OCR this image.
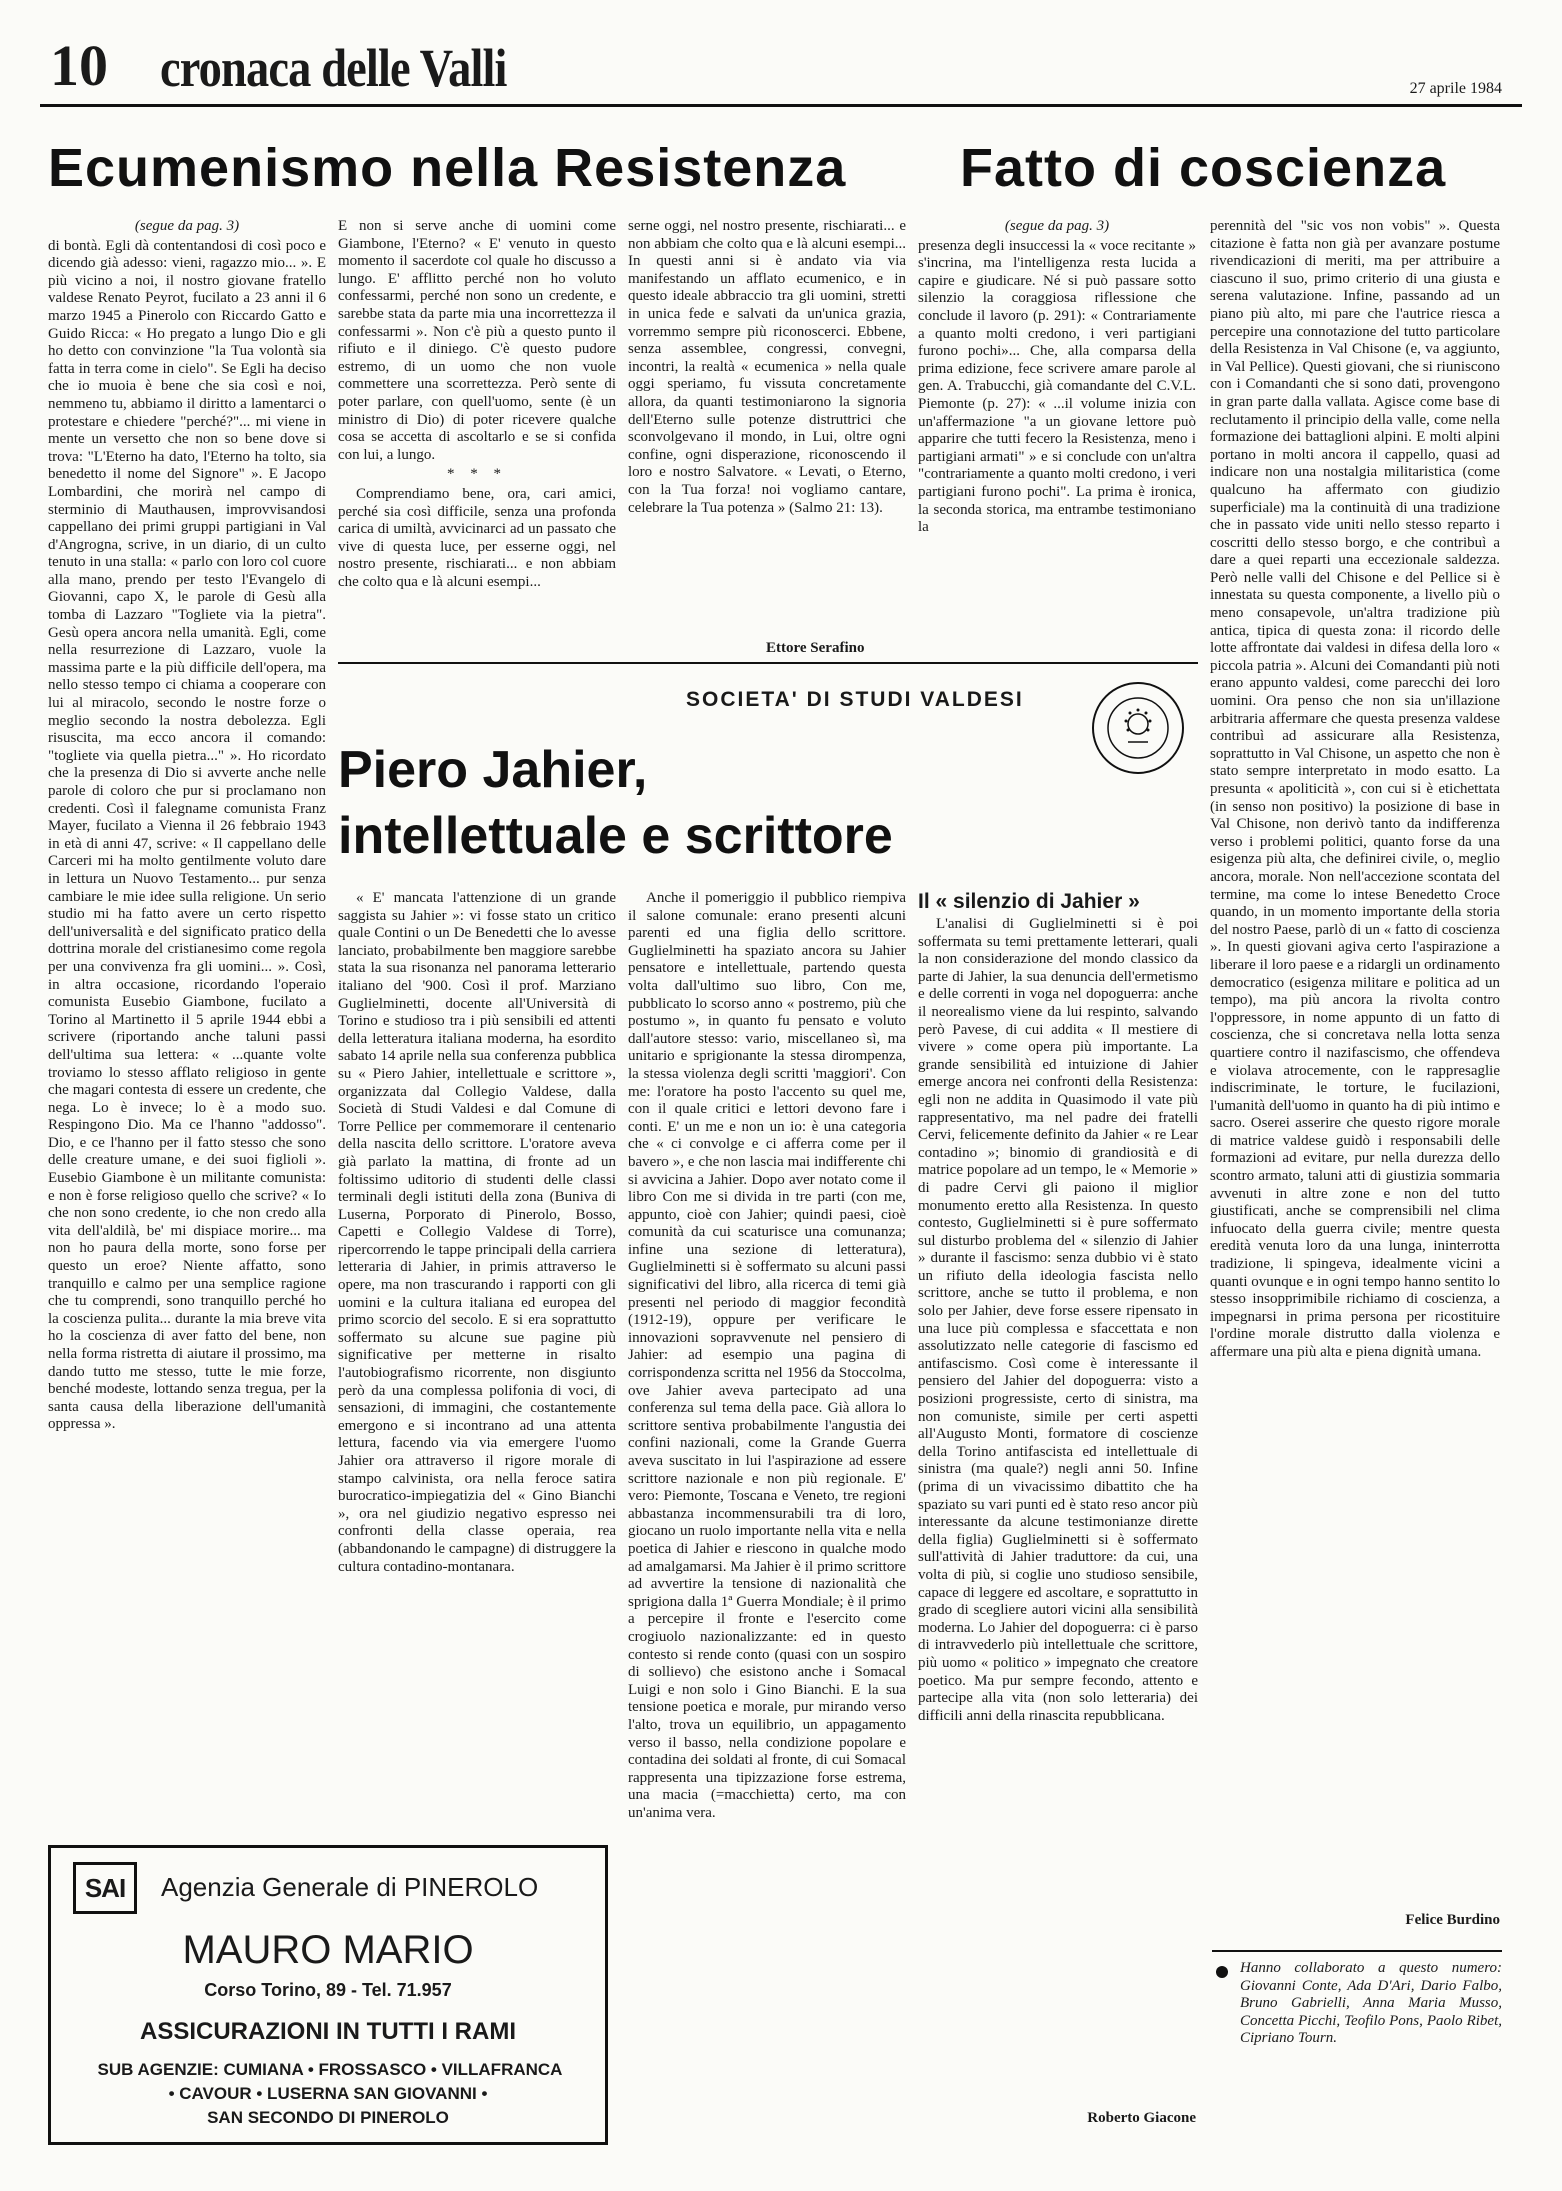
10 cronaca delle Valli	27 aprile 1984
Ecumenismo nella Resistenza Fatto di coscienza

(segue da pag. 3)

di bontà. Egli dà contentandosi di così poco e dicendo già adesso: vieni, ragazzo mio... ». E più vicino a noi, il nostro giovane fratello valdese Renato Peyrot, fucilato a 23 anni il 6 marzo 1945 a Pinerolo con Riccardo Gatto e Guido Ricca: « Ho pregato a lungo Dio e gli ho detto con convinzione "la Tua volontà sia fatta in terra come in cielo". Se Egli ha deciso che io muoia è bene che sia così e noi, nemmeno tu, abbiamo il diritto a lamentarci o protestare e chiedere "perché?"... mi viene in mente un versetto che non so bene dove si trova: "L'Eterno ha dato, l'Eterno ha tolto, sia benedetto il nome del Signore" ». E Jacopo Lombardini, che morirà nel campo di sterminio di Mauthausen, improvvisandosi cappellano dei primi gruppi partigiani in Val d'Angrogna, scrive, in un diario, di un culto tenuto in una stalla: « parlo con loro col cuore alla mano, prendo per testo l'Evangelo di Giovanni, capo X, le parole di Gesù alla tomba di Lazzaro "Togliete via la pietra". Gesù opera ancora nella umanità. Egli, come nella resurrezione di Lazzaro, vuole la massima parte e la più difficile dell'opera, ma nello stesso tempo ci chiama a cooperare con lui al miracolo, secondo le nostre forze o meglio secondo la nostra debolezza. Egli risuscita, ma ecco ancora il comando: "togliete via quella pietra..." ». Ho ricordato che la presenza di Dio si avverte anche nelle parole di coloro che pur si proclamano non credenti. Così il falegname comunista Franz Mayer, fucilato a Vienna il 26 febbraio 1943 in età di anni 47, scrive: « Il cappellano delle Carceri mi ha molto gentilmente voluto dare in lettura un Nuovo Testamento... pur senza cambiare le mie idee sulla religione. Un serio studio mi ha fatto avere un certo rispetto dell'universalità e del significato pratico della dottrina morale del cristianesimo come regola per una convivenza fra gli uomini... ». Così, in altra occasione, ricordando l'operaio comunista Eusebio Giambone, fucilato a Torino al Martinetto il 5 aprile 1944 ebbi a scrivere (riportando anche taluni passi dell'ultima sua lettera: « ...quante volte troviamo lo stesso afflato religioso in gente che magari contesta di essere un credente, che nega. Lo è invece; lo è a modo suo. Respingono Dio. Ma ce l'hanno "addosso". Dio, e ce l'hanno per il fatto stesso che sono delle creature umane, e dei suoi figlioli ». Eusebio Giambone è un militante comunista: e non è forse religioso quello che scrive? « Io che non sono credente, io che non credo alla vita dell'aldilà, be' mi dispiace morire... ma non ho paura della morte, sono forse per questo un eroe? Niente affatto, sono tranquillo e calmo per una semplice ragione che tu comprendi, sono tranquillo perché ho la coscienza pulita... durante la mia breve vita ho la coscienza di aver fatto del bene, non nella forma ristretta di aiutare il prossimo, ma dando tutto me stesso, tutte le mie forze, benché modeste, lottando senza tregua, per la santa causa della liberazione dell'umanità oppressa ».

E non si serve anche di uomini come Giambone, l'Eterno? « E' venuto in questo momento il sacerdote col quale ho discusso a lungo. E' afflitto perché non ho voluto confessarmi, perché non sono un credente, e sarebbe stata da parte mia una incorrettezza il confessarmi ». Non c'è più a questo punto il rifiuto e il diniego. C'è questo pudore estremo, di un uomo che non vuole commettere una scorrettezza. Però sente di poter parlare, con quell'uomo, sente (è un ministro di Dio) di poter ricevere qualche cosa se accetta di ascoltarlo e se si confida con lui, a lungo.

* * *

Comprendiamo bene, ora, cari amici, perché sia così difficile, senza una profonda carica di umiltà, avvicinarci ad un passato che vive di questa luce, per esserne oggi, nel nostro presente, rischiarati... e non abbiam che colto qua e là alcuni esempi...

serne oggi, nel nostro presente, rischiarati... e non abbiam che colto qua e là alcuni esempi... In questi anni si è andato via via manifestando un afflato ecumenico, e in questo ideale abbraccio tra gli uomini, stretti in unica fede e salvati da un'unica grazia, vorremmo sempre più riconoscerci. Ebbene, senza assemblee, congressi, convegni, incontri, la realtà « ecumenica » nella quale oggi speriamo, fu vissuta concretamente allora, da quanti testimoniarono la signoria dell'Eterno sulle potenze distruttrici che sconvolgevano il mondo, in Lui, oltre ogni confine, ogni disperazione, riconoscendo il loro e nostro Salvatore. « Levati, o Eterno, con la Tua forza! noi vogliamo cantare, celebrare la Tua potenza » (Salmo 21: 13).

Ettore Serafino

(segue da pag. 3)

presenza degli insuccessi la « voce recitante » s'incrina, ma l'intelligenza resta lucida a capire e giudicare. Né si può passare sotto silenzio la coraggiosa riflessione che conclude il lavoro (p. 291): « Contrariamente a quanto molti credono, i veri partigiani furono pochi»... Che, alla comparsa della prima edizione, fece scrivere amare parole al gen. A. Trabucchi, già comandante del C.V.L. Piemonte (p. 27): « ...il volume inizia con un'affermazione "a un giovane lettore può apparire che tutti fecero la Resistenza, meno i partigiani armati" » e si conclude con un'altra "contrariamente a quanto molti credono, i veri partigiani furono pochi". La prima è ironica, la seconda storica, ma entrambe testimoniano la

perennità del "sic vos non vobis" ». Questa citazione è fatta non già per avanzare postume rivendicazioni di meriti, ma per attribuire a ciascuno il suo, primo criterio di una giusta e serena valutazione. Infine, passando ad un piano più alto, mi pare che l'autrice riesca a percepire una connotazione del tutto particolare della Resistenza in Val Chisone (e, va aggiunto, in Val Pellice). Questi giovani, che si riuniscono con i Comandanti che si sono dati, provengono in gran parte dalla vallata. Agisce come base di reclutamento il principio della valle, come nella formazione dei battaglioni alpini. E molti alpini portano in molti ancora il cappello, quasi ad indicare non una nostalgia militaristica (come qualcuno ha affermato con giudizio superficiale) ma la continuità di una tradizione che in passato vide uniti nello stesso reparto i coscritti dello stesso borgo, e che contribuì a dare a quei reparti una eccezionale saldezza. Però nelle valli del Chisone e del Pellice si è innestata su questa componente, a livello più o meno consapevole, un'altra tradizione più antica, tipica di questa zona: il ricordo delle lotte affrontate dai valdesi in difesa della loro « piccola patria ». Alcuni dei Comandanti più noti erano appunto valdesi, come parecchi dei loro uomini. Ora penso che non sia un'illazione arbitraria affermare che questa presenza valdese contribuì ad assicurare alla Resistenza, soprattutto in Val Chisone, un aspetto che non è stato sempre interpretato in modo esatto. La presunta « apoliticità », con cui si è etichettata (in senso non positivo) la posizione di base in Val Chisone, non derivò tanto da indifferenza verso i problemi politici, quanto forse da una esigenza più alta, che definirei civile, o, meglio ancora, morale. Non nell'accezione scontata del termine, ma come lo intese Benedetto Croce quando, in un momento importante della storia del nostro Paese, parlò di un « fatto di coscienza ». In questi giovani agiva certo l'aspirazione a liberare il loro paese e a ridargli un ordinamento democratico (esigenza militare e politica ad un tempo), ma più ancora la rivolta contro l'oppressore, in nome appunto di un fatto di coscienza, che si concretava nella lotta senza quartiere contro il nazifascismo, che offendeva e violava atrocemente, con le rappresaglie indiscriminate, le torture, le fucilazioni, l'umanità dell'uomo in quanto ha di più intimo e sacro. Oserei asserire che questo rigore morale di matrice valdese guidò i responsabili delle formazioni ad evitare, pur nella durezza dello scontro armato, taluni atti di giustizia sommaria avvenuti in altre zone e non del tutto giustificati, anche se comprensibili nel clima infuocato della guerra civile; mentre questa eredità venuta loro da una lunga, ininterrotta tradizione, li spingeva, idealmente vicini a quanti ovunque e in ogni tempo hanno sentito lo stesso insopprimibile richiamo di coscienza, a impegnarsi in prima persona per ricostituire l'ordine morale distrutto dalla violenza e affermare una più alta e piena dignità umana.

Felice Burdino
SOCIETA' DI STUDI VALDESI
Piero Jahier,
intellettuale e scrittore

« E' mancata l'attenzione di un grande saggista su Jahier »: vi fosse stato un critico quale Contini o un De Benedetti che lo avesse lanciato, probabilmente ben maggiore sarebbe stata la sua risonanza nel panorama letterario italiano del '900. Così il prof. Marziano Guglielminetti, docente all'Università di Torino e studioso tra i più sensibili ed attenti della letteratura italiana moderna, ha esordito sabato 14 aprile nella sua conferenza pubblica su « Piero Jahier, intellettuale e scrittore », organizzata dal Collegio Valdese, dalla Società di Studi Valdesi e dal Comune di Torre Pellice per commemorare il centenario della nascita dello scrittore. L'oratore aveva già parlato la mattina, di fronte ad un foltissimo uditorio di studenti delle classi terminali degli istituti della zona (Buniva di Luserna, Porporato di Pinerolo, Bosso, Capetti e Collegio Valdese di Torre), ripercorrendo le tappe principali della carriera letteraria di Jahier, in primis attraverso le opere, ma non trascurando i rapporti con gli uomini e la cultura italiana ed europea del primo scorcio del secolo. E si era soprattutto soffermato su alcune sue pagine più significative per metterne in risalto l'autobiografismo ricorrente, non disgiunto però da una complessa polifonia di voci, di sensazioni, di immagini, che costantemente emergono e si incontrano ad una attenta lettura, facendo via via emergere l'uomo Jahier ora attraverso il rigore morale di stampo calvinista, ora nella feroce satira burocratico-impiegatizia del « Gino Bianchi », ora nel giudizio negativo espresso nei confronti della classe operaia, rea (abbandonando le campagne) di distruggere la cultura contadino-montanara.

Anche il pomeriggio il pubblico riempiva il salone comunale: erano presenti alcuni parenti ed una figlia dello scrittore. Guglielminetti ha spaziato ancora su Jahier pensatore e intellettuale, partendo questa volta dall'ultimo suo libro, Con me, pubblicato lo scorso anno « postremo, più che postumo », in quanto fu pensato e voluto dall'autore stesso: vario, miscellaneo sì, ma unitario e sprigionante la stessa dirompenza, la stessa violenza degli scritti 'maggiori'. Con me: l'oratore ha posto l'accento su quel me, con il quale critici e lettori devono fare i conti. E' un me e non un io: è una categoria che « ci convolge e ci afferra come per il bavero », e che non lascia mai indifferente chi si avvicina a Jahier. Dopo aver notato come il libro Con me si divida in tre parti (con me, appunto, cioè con Jahier; quindi paesi, cioè comunità da cui scaturisce una comunanza; infine una sezione di letteratura), Guglielminetti si è soffermato su alcuni passi significativi del libro, alla ricerca di temi già presenti nel periodo di maggior fecondità (1912-19), oppure per verificare le innovazioni sopravvenute nel pensiero di Jahier: ad esempio una pagina di corrispondenza scritta nel 1956 da Stoccolma, ove Jahier aveva partecipato ad una conferenza sul tema della pace. Già allora lo scrittore sentiva probabilmente l'angustia dei confini nazionali, come la Grande Guerra aveva suscitato in lui l'aspirazione ad essere scrittore nazionale e non più regionale. E' vero: Piemonte, Toscana e Veneto, tre regioni abbastanza incommensurabili tra di loro, giocano un ruolo importante nella vita e nella poetica di Jahier e riescono in qualche modo ad amalgamarsi. Ma Jahier è il primo scrittore ad avvertire la tensione di nazionalità che sprigiona dalla 1ª Guerra Mondiale; è il primo a percepire il fronte e l'esercito come crogiuolo nazionalizzante: ed in questo contesto si rende conto (quasi con un sospiro di sollievo) che esistono anche i Somacal Luigi e non solo i Gino Bianchi. E la sua tensione poetica e morale, pur mirando verso l'alto, trova un equilibrio, un appagamento verso il basso, nella condizione popolare e contadina dei soldati al fronte, di cui Somacal rappresenta una tipizzazione forse estrema, una macia (=macchietta) certo, ma con un'anima vera.

Il « silenzio di Jahier »

L'analisi di Guglielminetti si è poi soffermata su temi prettamente letterari, quali la non considerazione del mondo classico da parte di Jahier, la sua denuncia dell'ermetismo e delle correnti in voga nel dopoguerra: anche il neorealismo viene da lui respinto, salvando però Pavese, di cui addita « Il mestiere di vivere » come opera più importante. La grande sensibilità ed intuizione di Jahier emerge ancora nei confronti della Resistenza: egli non ne addita in Quasimodo il vate più rappresentativo, ma nel padre dei fratelli Cervi, felicemente definito da Jahier « re Lear contadino »; binomio di grandiosità e di matrice popolare ad un tempo, le « Memorie » di padre Cervi gli paiono il miglior monumento eretto alla Resistenza. In questo contesto, Guglielminetti si è pure soffermato sul disturbo problema del « silenzio di Jahier » durante il fascismo: senza dubbio vi è stato un rifiuto della ideologia fascista nello scrittore, anche se tutto il problema, e non solo per Jahier, deve forse essere ripensato in una luce più complessa e sfaccettata e non assolutizzato nelle categorie di fascismo ed antifascismo. Così come è interessante il pensiero del Jahier del dopoguerra: visto a posizioni progressiste, certo di sinistra, ma non comuniste, simile per certi aspetti all'Augusto Monti, formatore di coscienze della Torino antifascista ed intellettuale di sinistra (ma quale?) negli anni 50. Infine (prima di un vivacissimo dibattito che ha spaziato su vari punti ed è stato reso ancor più interessante da alcune testimonianze dirette della figlia) Guglielminetti si è soffermato sull'attività di Jahier traduttore: da cui, una volta di più, si coglie uno studioso sensibile, capace di leggere ed ascoltare, e soprattutto in grado di scegliere autori vicini alla sensibilità moderna. Lo Jahier del dopoguerra: ci è parso di intravvederlo più intellettuale che scrittore, più uomo « politico » impegnato che creatore poetico. Ma pur sempre fecondo, attento e partecipe alla vita (non solo letteraria) dei difficili anni della rinascita repubblicana.

Roberto Giacone
SAI	Agenzia Generale di PINEROLO
MAURO MARIO
Corso Torino, 89 - Tel. 71.957
ASSICURAZIONI IN TUTTI I RAMI
SUB AGENZIE: CUMIANA • FROSSASCO • VILLAFRANCA
• CAVOUR • LUSERNA SAN GIOVANNI •
SAN SECONDO DI PINEROLO

Hanno collaborato a questo numero: Giovanni Conte, Ada D'Ari, Dario Falbo, Bruno Gabrielli, Anna Maria Musso, Concetta Picchi, Teofilo Pons, Paolo Ribet, Cipriano Tourn.
